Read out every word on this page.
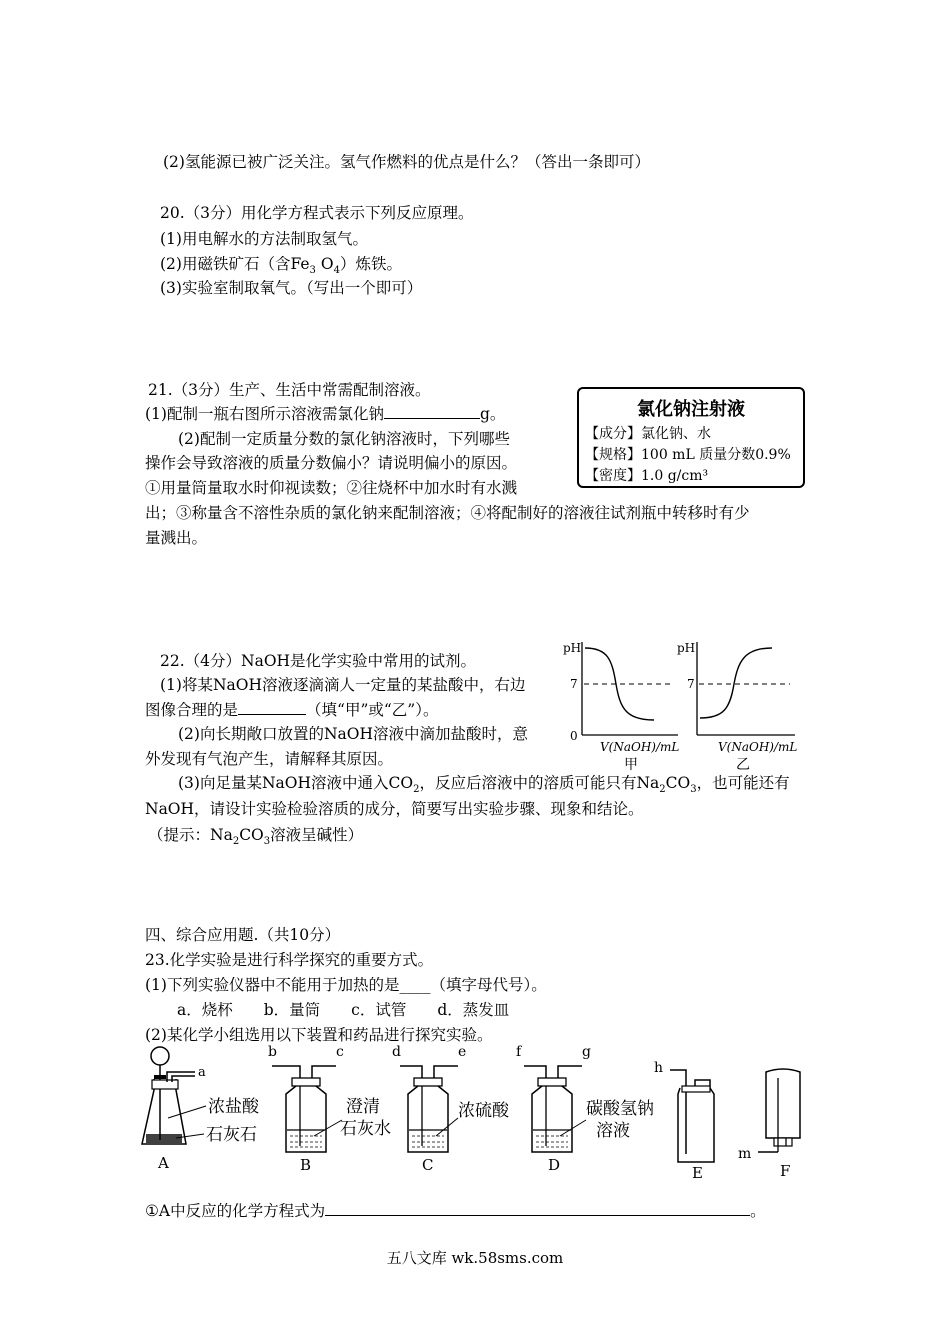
(2)氢能源已被广泛关注。氢气作燃料的优点是什么？（答出一条即可）
20.（3分）用化学方程式表示下列反应原理。
(1)用电解水的方法制取氢气。
(2)用磁铁矿石（含$Fe_3$ $O_4$）炼铁。
(3)实验室制取氧气。（写出一个即可）
21.（3分）生产、生活中常需配制溶液。
(1)配制一瓶右图所示溶液需氯化钠	g。
(2)配制一定质量分数的氯化钠溶液时，下列哪些
操作会导致溶液的质量分数偏小？请说明偏小的原因。
①用量筒量取水时仰视读数；②往烧杯中加水时有水溅
出；③称量含不溶性杂质的氯化钠来配制溶液；④将配制好的溶液往试剂瓶中转移时有少
量溅出。
氯化钠注射液
【成分】氯化钠、水
【规格】100 mL 质量分数0.9%
【密度】1.0 g/cm³
22.（4分）NaOH是化学实验中常用的试剂。
(1)将某NaOH溶液逐滴滴人一定量的某盐酸中，右边
图像合理的是	（填“甲”或“乙”）。
(2)向长期敞口放置的NaOH溶液中滴加盐酸时，意
外发现有气泡产生，请解释其原因。
(3)向足量某NaOH溶液中通入$CO_2$，反应后溶液中的溶质可能只有$Na_2CO_3$，也可能还有
NaOH，请设计实验检验溶质的成分，简要写出实验步骤、现象和结论。
（提示：$Na_2CO_3$溶液呈碱性）
pH
7
0
V(NaOH)/mL
甲
pH
7
V(NaOH)/mL
乙
四、综合应用题.（共10分）
23.化学实验是进行科学探究的重要方式。
(1)下列实验仪器中不能用于加热的是____（填字母代号）。
a．烧杯　　b．量筒　　c．试管　　d．蒸发皿
(2)某化学小组选用以下装置和药品进行探究实验。
a
浓盐酸
石灰石
A
b	c
澄清
石灰水
B
d	e
浓硫酸
C
f	g
碳酸氢钠
溶液
D
h
E
m
F
①A中反应的化学方程式为	。
五八文库 wk.58sms.com
